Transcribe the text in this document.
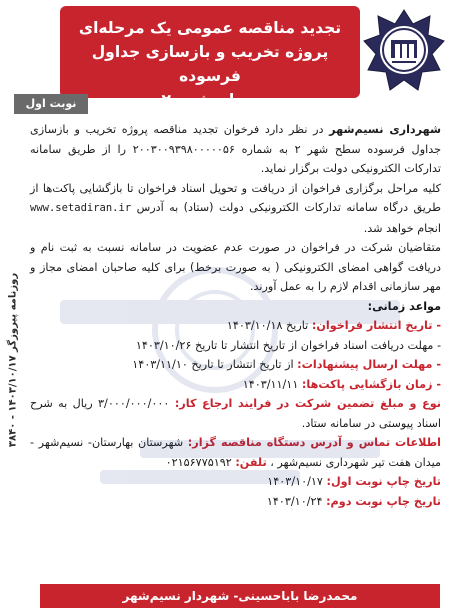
تجدید مناقصه عمومی یک مرحله‌ای
پروژه تخریب و بازسازی جداول فرسوده
سطح شهر ۲
نوبت اول
روزنامه پیروزگر ۱۴۰۳/۱۰/۱۷ - ۳۸۴۰

شهرداری نسیم‌شهر در نظر دارد فرخوان تجدید مناقصه پروژه تخریب و بازسازی جداول فرسوده سطح شهر ۲ به شماره ۲۰۰۳۰۰۹۳۹۸۰۰۰۰۰۵۶ را از طریق سامانه تدارکات الکترونیکی دولت برگزار نماید.

کلیه مراحل برگزاری فراخوان از دریافت و تحویل اسناد فراخوان تا بازگشایی پاکت‌ها از طریق درگاه سامانه تدارکات الکترونیکی دولت (ستاد) به آدرس www.setadiran.ir انجام خواهد شد.

متقاضیان شرکت در فراخوان در صورت عدم عضویت در سامانه نسبت به ثبت نام و دریافت گواهی امضای الکترونیکی ( به صورت برخط) برای کلیه صاحبان امضای مجاز و مهر سازمانی اقدام لازم را به عمل آورند.

مواعد زمانی:

- تاریخ انتشار فراخوان: تاریخ ۱۴۰۳/۱۰/۱۸

- مهلت دریافت اسناد فراخوان از تاریخ انتشار تا تاریخ ۱۴۰۳/۱۰/۲۶

- مهلت ارسال پیشنهادات: از تاریخ انتشار تا تاریخ ۱۴۰۳/۱۱/۱۰

- زمان بازگشایی پاکت‌ها: ۱۴۰۳/۱۱/۱۱

نوع و مبلغ تضمین شرکت در فرایند ارجاع کار: ۳/۰۰۰/۰۰۰/۰۰۰ ریال به شرح اسناد پیوستی در سامانه ستاد.

اطلاعات تماس و آدرس دستگاه مناقصه گزار: شهرستان بهارستان- نسیم‌شهر - میدان هفت تیر شهرداری نسیم‌شهر ، تلفن: ۰۲۱۵۶۷۷۵۱۹۲

تاریخ چاپ نوبت اول: ۱۴۰۳/۱۰/۱۷

تاریخ چاپ نوبت دوم: ۱۴۰۳/۱۰/۲۴

محمدرضا باباحسینی- شهردار نسیم‌شهر
